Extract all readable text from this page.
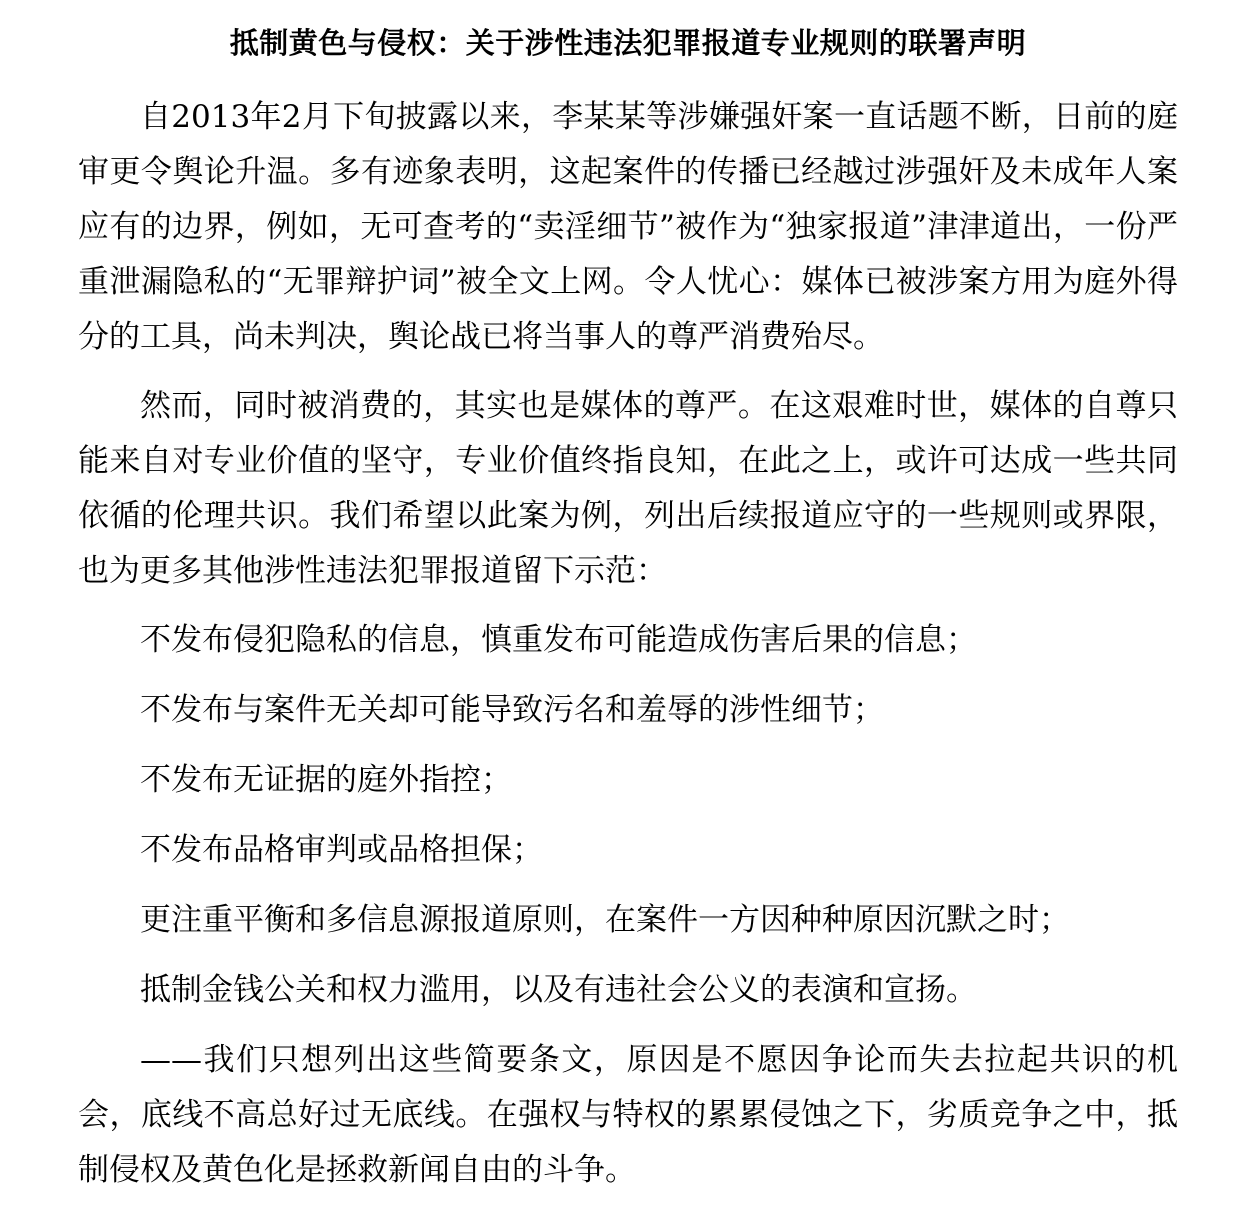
抵制黄色与侵权：关于涉性违法犯罪报道专业规则的联署声明

自2013年2月下旬披露以来，李某某等涉嫌强奸案一直话题不断，日前的庭审更令舆论升温。多有迹象表明，这起案件的传播已经越过涉强奸及未成年人案应有的边界，例如，无可查考的“卖淫细节”被作为“独家报道”津津道出，一份严重泄漏隐私的“无罪辩护词”被全文上网。令人忧心：媒体已被涉案方用为庭外得分的工具，尚未判决，舆论战已将当事人的尊严消费殆尽。

然而，同时被消费的，其实也是媒体的尊严。在这艰难时世，媒体的自尊只能来自对专业价值的坚守，专业价值终指良知，在此之上，或许可达成一些共同依循的伦理共识。我们希望以此案为例，列出后续报道应守的一些规则或界限，也为更多其他涉性违法犯罪报道留下示范：

不发布侵犯隐私的信息，慎重发布可能造成伤害后果的信息；

不发布与案件无关却可能导致污名和羞辱的涉性细节；

不发布无证据的庭外指控；

不发布品格审判或品格担保；

更注重平衡和多信息源报道原则，在案件一方因种种原因沉默之时；

抵制金钱公关和权力滥用，以及有违社会公义的表演和宣扬。

——我们只想列出这些简要条文，原因是不愿因争论而失去拉起共识的机会，底线不高总好过无底线。在强权与特权的累累侵蚀之下，劣质竞争之中，抵制侵权及黄色化是拯救新闻自由的斗争。
